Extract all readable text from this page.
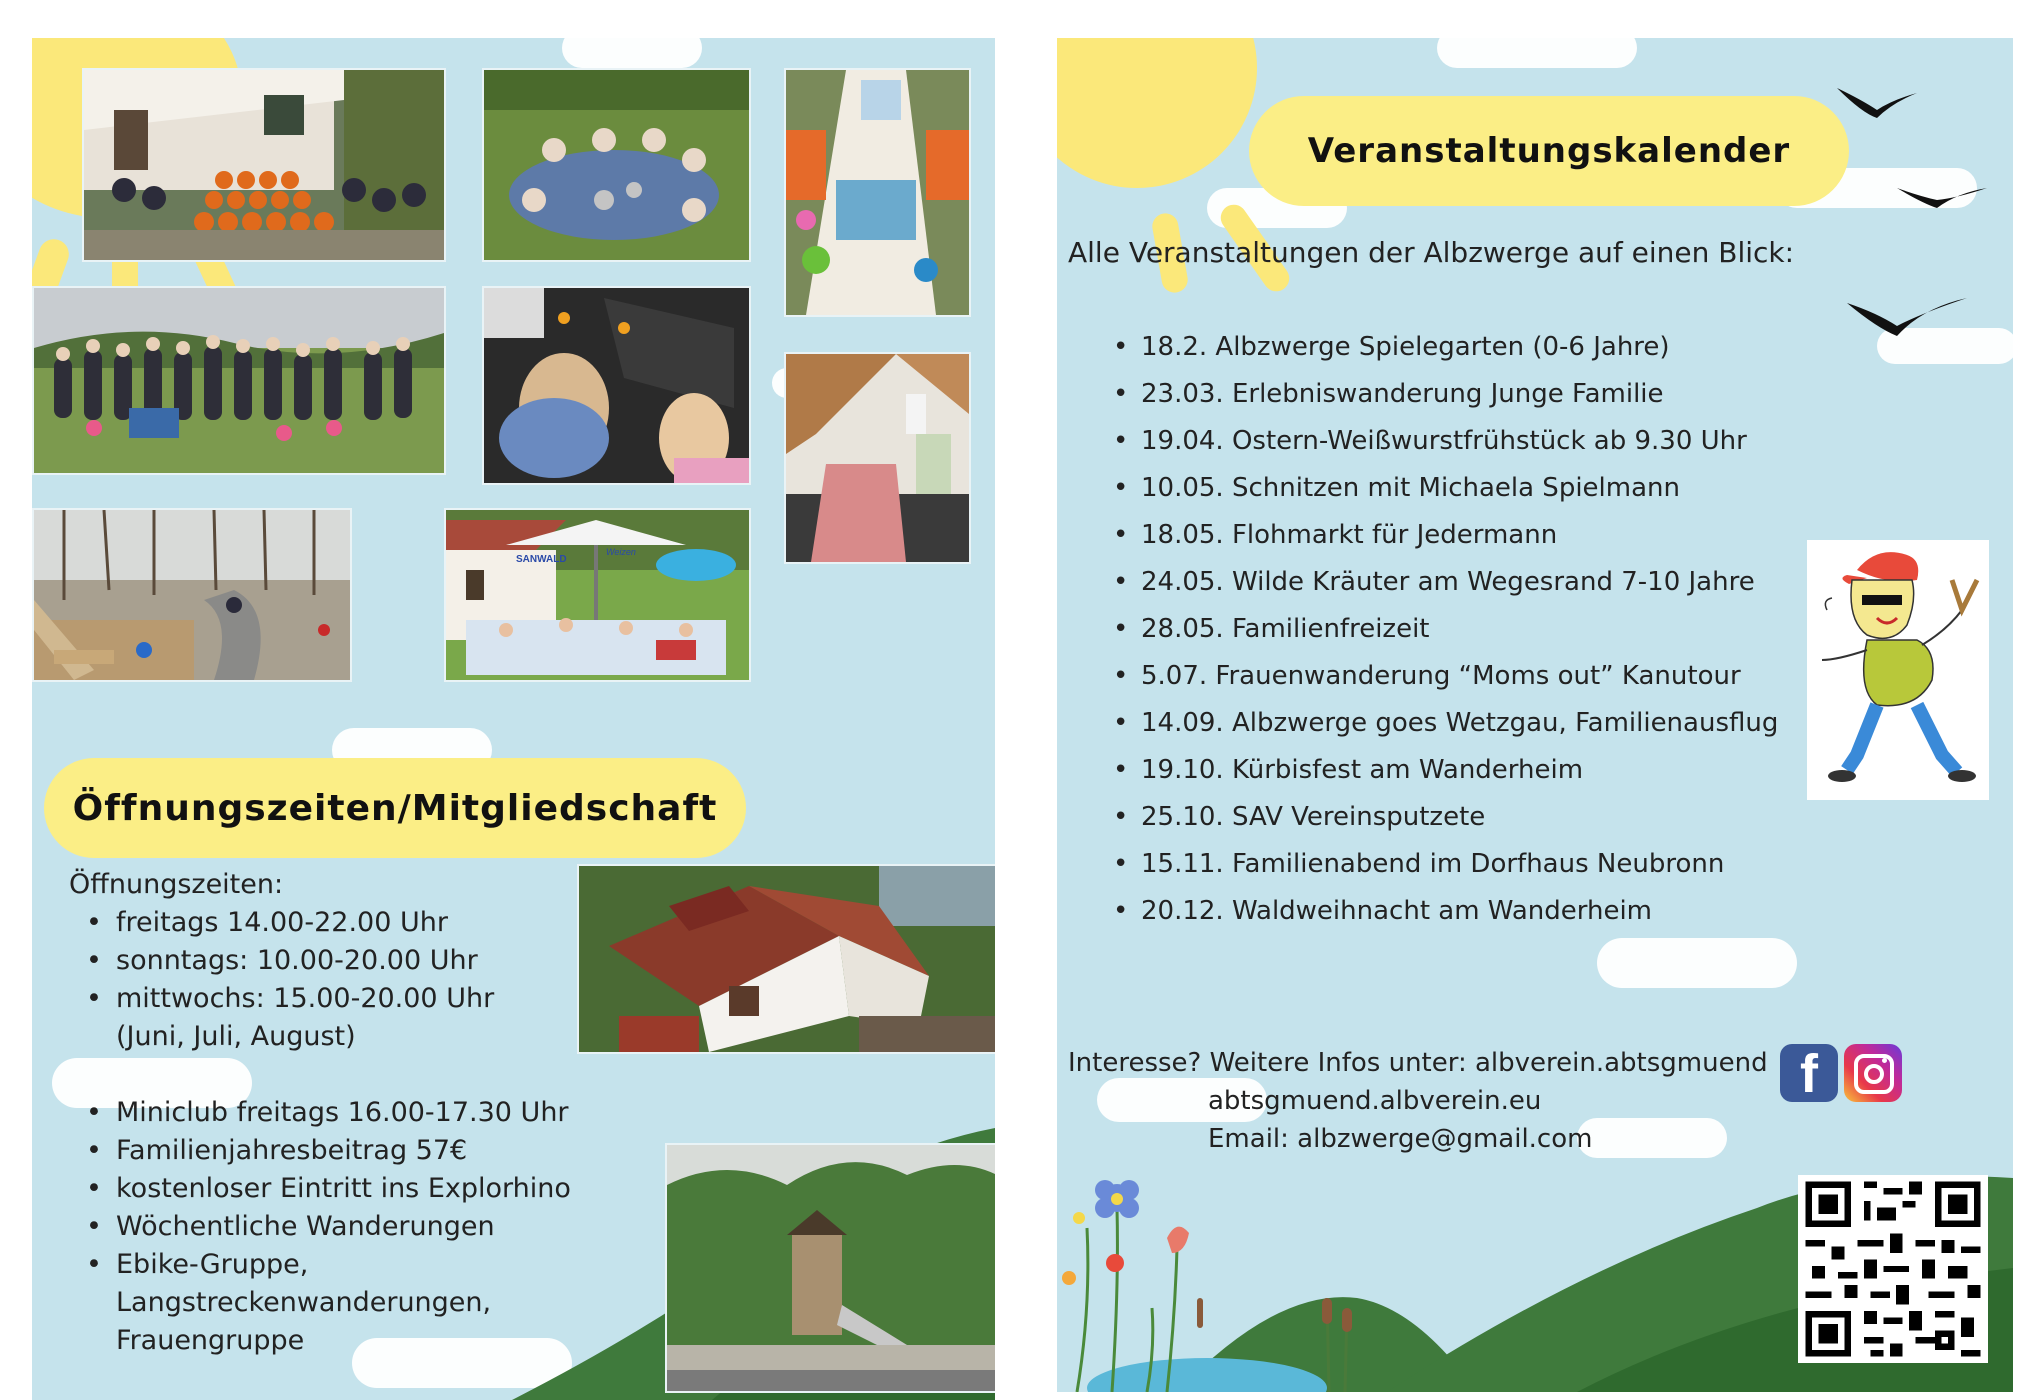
SANWALD
Weizen
Öffnungszeiten/Mitgliedschaft
Öffnungszeiten:
• freitags 14.00-22.00 Uhr
• sonntags: 10.00-20.00 Uhr
• mittwochs: 15.00-20.00 Uhr
(Juni, Juli, August)
• Miniclub freitags 16.00-17.30 Uhr
• Familienjahresbeitrag 57€
• kostenloser Eintritt ins Explorhino
• Wöchentliche Wanderungen
• Ebike-Gruppe,
Langstreckenwanderungen,
Frauengruppe
Veranstaltungskalender
Alle Veranstaltungen der Albzwerge auf einen Blick:
• 18.2. Albzwerge Spielegarten (0-6 Jahre)
• 23.03. Erlebniswanderung Junge Familie
• 19.04. Ostern-Weißwurstfrühstück ab 9.30 Uhr
• 10.05. Schnitzen mit Michaela Spielmann
• 18.05. Flohmarkt für Jedermann
• 24.05. Wilde Kräuter am Wegesrand 7-10 Jahre
• 28.05. Familienfreizeit
• 5.07. Frauenwanderung “Moms out” Kanutour
• 14.09. Albzwerge goes Wetzgau, Familienausflug
• 19.10. Kürbisfest am Wanderheim
• 25.10. SAV Vereinsputzete
• 15.11. Familienabend im Dorfhaus Neubronn
• 20.12. Waldweihnacht am Wanderheim
Interesse? Weitere Infos unter: albverein.abtsgmuend
abtsgmuend.albverein.eu
Email: albzwerge@gmail.com
f
